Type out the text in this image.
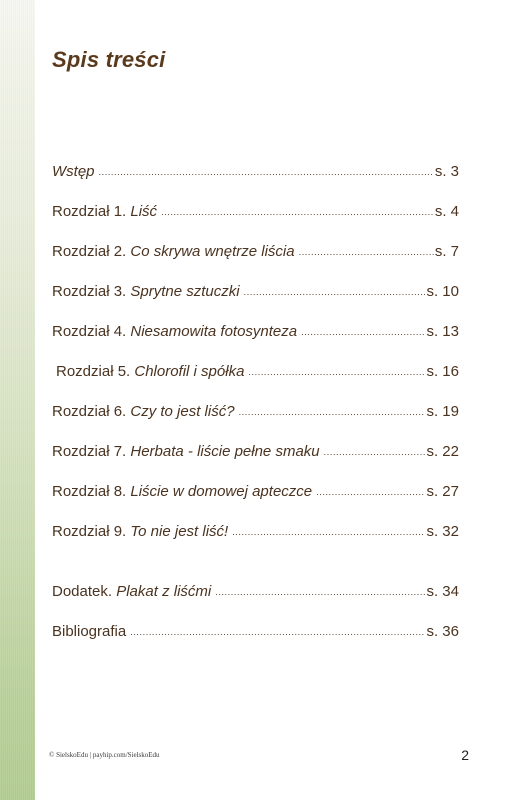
Spis treści
Wstęp .....	s. 3
Rozdział 1. Liść .....	s. 4
Rozdział 2. Co skrywa wnętrze liścia .....	s. 7
Rozdział 3. Sprytne sztuczki .....	s. 10
Rozdział 4. Niesamowita fotosynteza .....	s. 13
Rozdział 5. Chlorofil i spółka .....	s. 16
Rozdział 6. Czy to jest liść? .....	s. 19
Rozdział 7. Herbata - liście pełne smaku .....	s. 22
Rozdział 8. Liście w domowej apteczce .....	s. 27
Rozdział 9. To nie jest liść! .....	s. 32
Dodatek. Plakat z liśćmi .....	s. 34
Bibliografia .....	s. 36
© SielskoEdu | payhip.com/SielskoEdu	2
